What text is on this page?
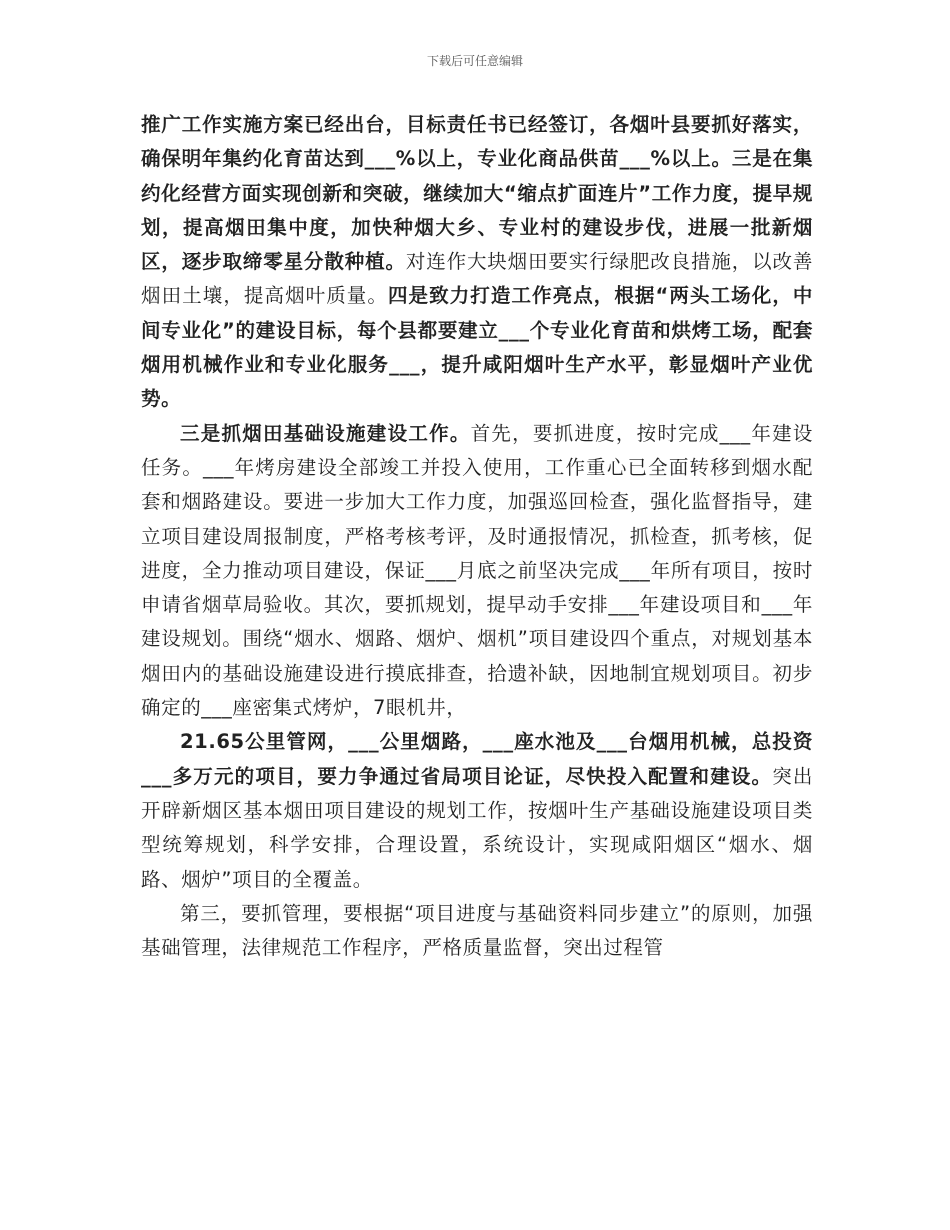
下载后可任意编辑

推广工作实施方案已经出台，目标责任书已经签订，各烟叶县要抓好落实，确保明年集约化育苗达到___%以上，专业化商品供苗___%以上。三是在集约化经营方面实现创新和突破，继续加大“缩点扩面连片”工作力度，提早规划，提高烟田集中度，加快种烟大乡、专业村的建设步伐，进展一批新烟区，逐步取缔零星分散种植。对连作大块烟田要实行绿肥改良措施，以改善烟田土壤，提高烟叶质量。四是致力打造工作亮点，根据“两头工场化，中间专业化”的建设目标，每个县都要建立___个专业化育苗和烘烤工场，配套烟用机械作业和专业化服务___，提升咸阳烟叶生产水平，彰显烟叶产业优势。

三是抓烟田基础设施建设工作。首先，要抓进度，按时完成___年建设任务。___年烤房建设全部竣工并投入使用，工作重心已全面转移到烟水配套和烟路建设。要进一步加大工作力度，加强巡回检查，强化监督指导，建立项目建设周报制度，严格考核考评，及时通报情况，抓检查，抓考核，促进度，全力推动项目建设，保证___月底之前坚决完成___年所有项目，按时申请省烟草局验收。其次，要抓规划，提早动手安排___年建设项目和___年建设规划。围绕“烟水、烟路、烟炉、烟机”项目建设四个重点，对规划基本烟田内的基础设施建设进行摸底排查，拾遗补缺，因地制宜规划项目。初步确定的___座密集式烤炉，7眼机井，

21.65公里管网，___公里烟路，___座水池及___台烟用机械，总投资___多万元的项目，要力争通过省局项目论证，尽快投入配置和建设。突出开辟新烟区基本烟田项目建设的规划工作，按烟叶生产基础设施建设项目类型统筹规划，科学安排，合理设置，系统设计，实现咸阳烟区“烟水、烟路、烟炉”项目的全覆盖。

第三，要抓管理，要根据“项目进度与基础资料同步建立”的原则，加强基础管理，法律规范工作程序，严格质量监督，突出过程管
